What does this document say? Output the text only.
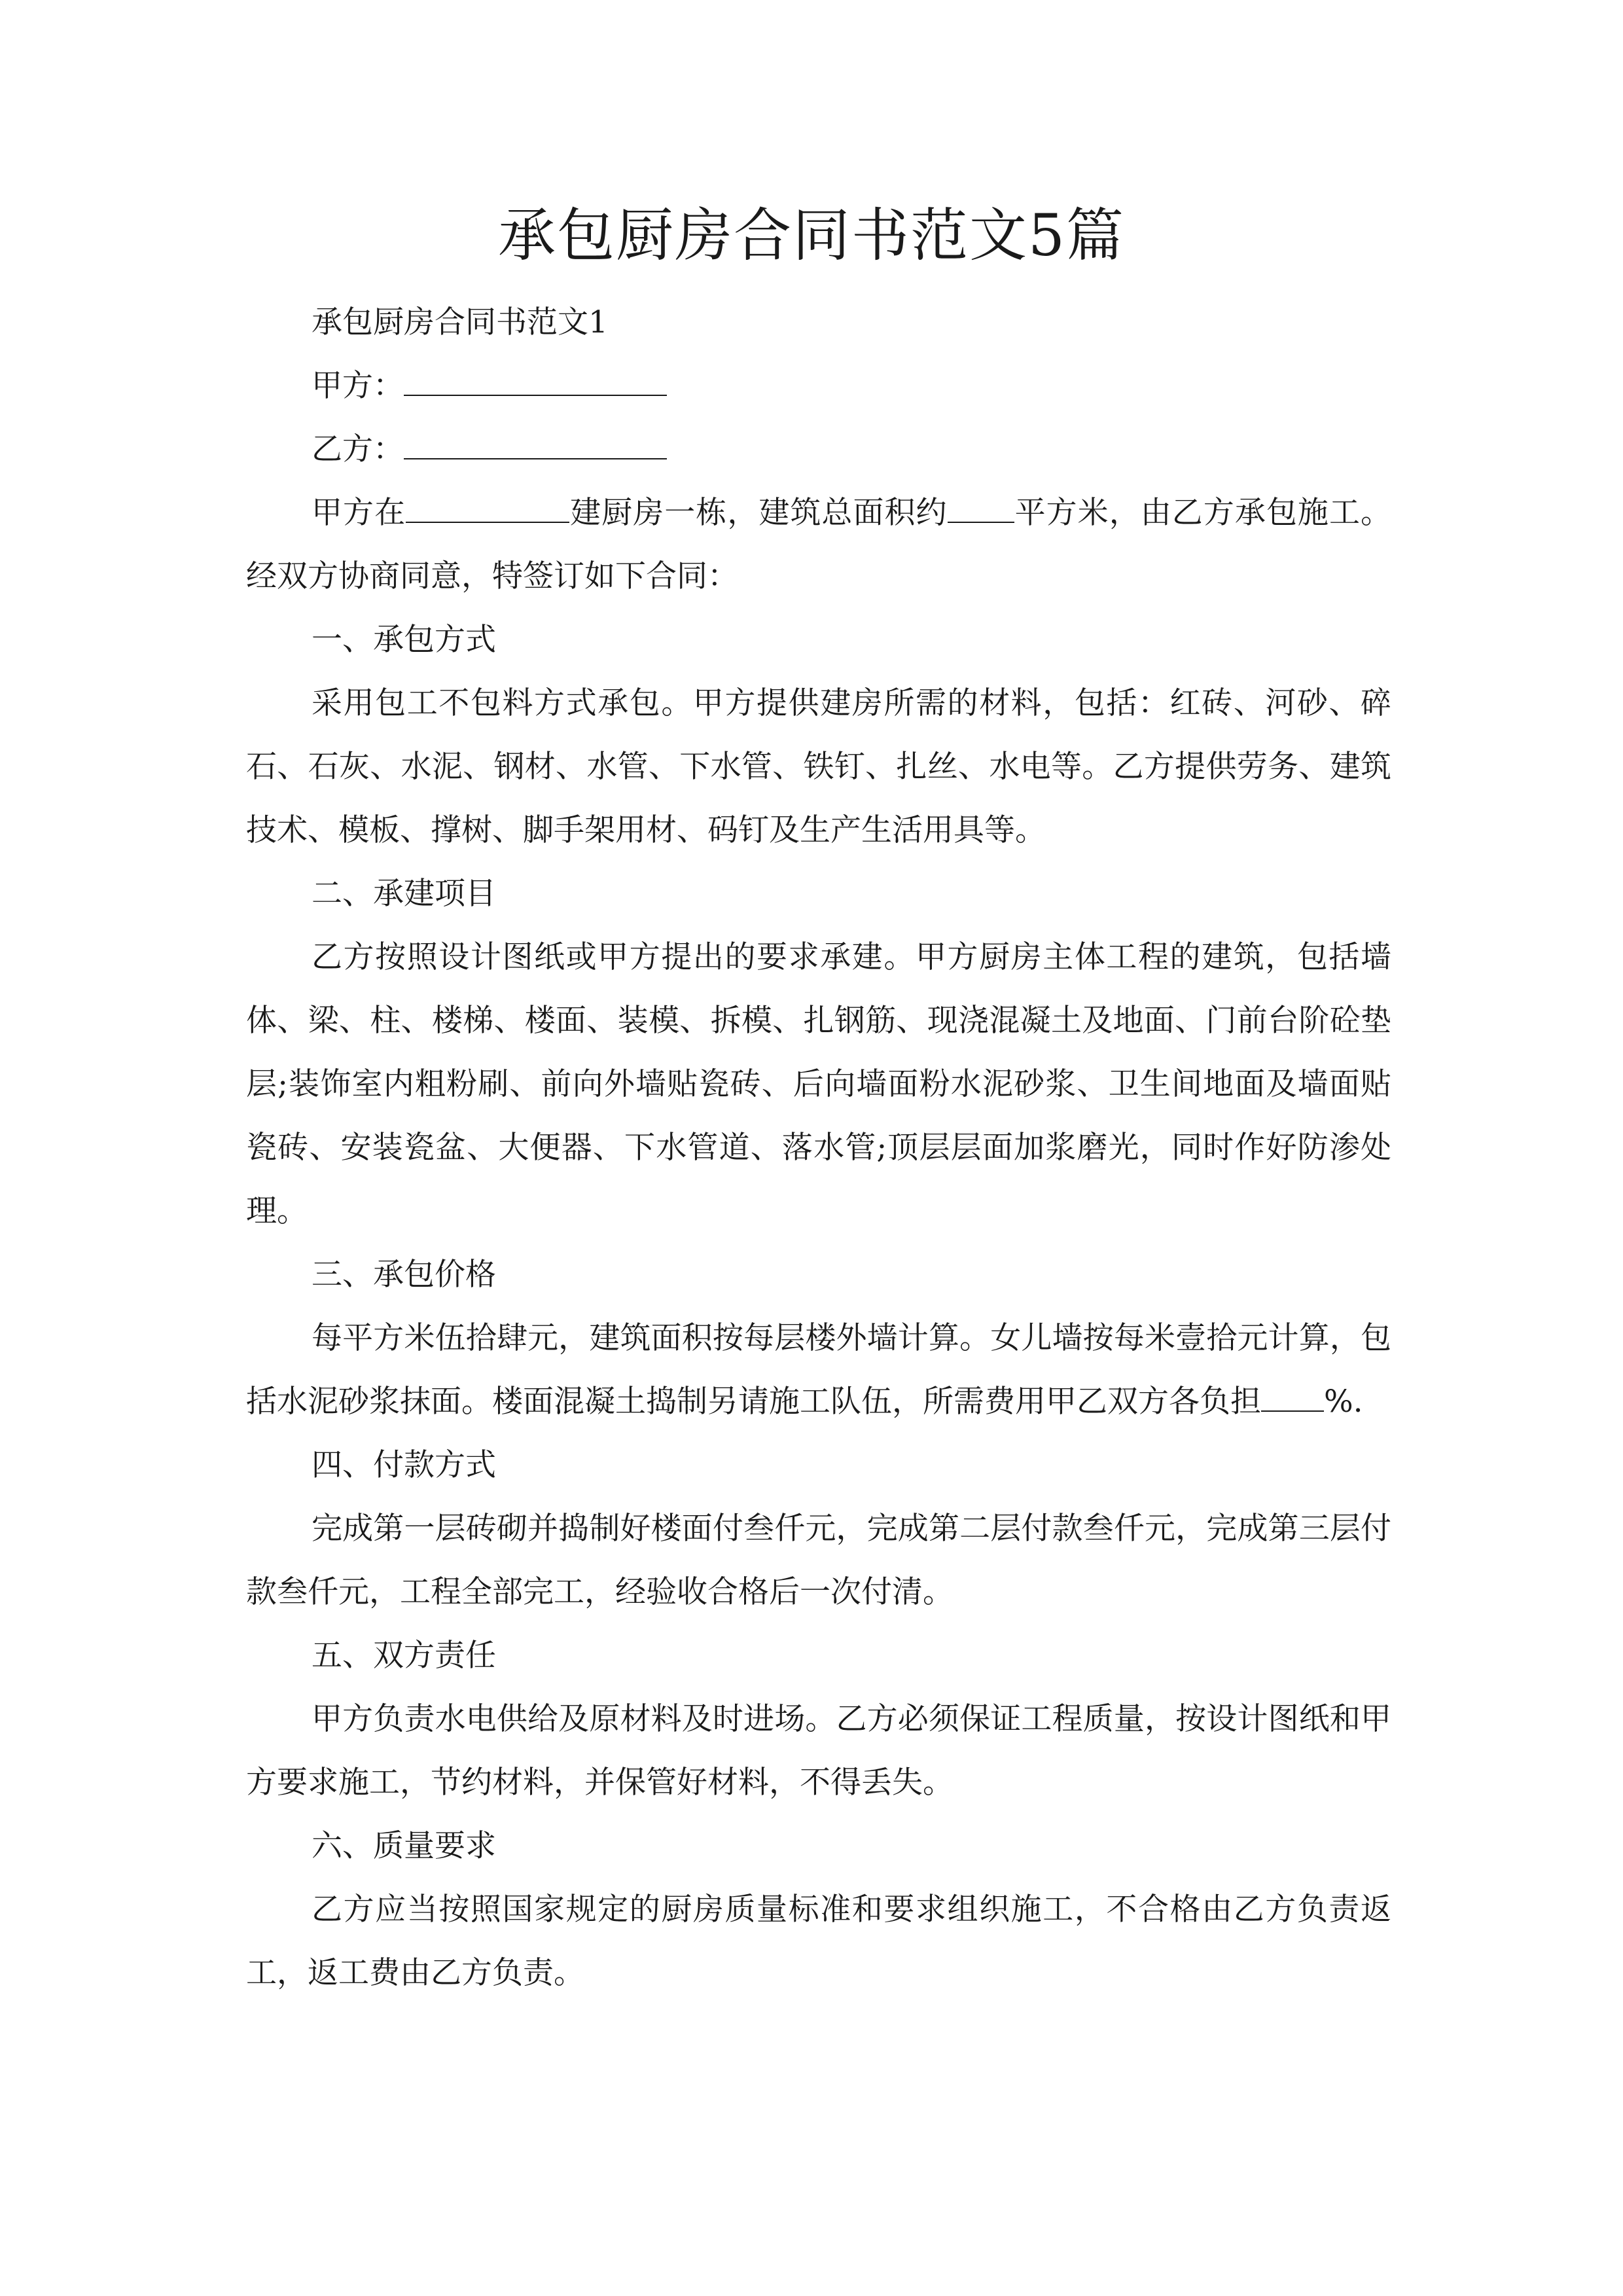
承包厨房合同书范文5篇

承包厨房合同书范文1

甲方：

乙方：

甲方在	建厨房一栋，建筑总面积约 平方米，由乙方承包施工。经双方协商同意，特签订如下合同：

一、承包方式

采用包工不包料方式承包。甲方提供建房所需的材料，包括：红砖、河砂、碎石、石灰、水泥、钢材、水管、下水管、铁钉、扎丝、水电等。乙方提供劳务、建筑技术、模板、撑树、脚手架用材、码钉及生产生活用具等。

二、承建项目

乙方按照设计图纸或甲方提出的要求承建。甲方厨房主体工程的建筑，包括墙体、梁、柱、楼梯、楼面、装模、拆模、扎钢筋、现浇混凝土及地面、门前台阶砼垫层;装饰室内粗粉刷、前向外墙贴瓷砖、后向墙面粉水泥砂浆、卫生间地面及墙面贴瓷砖、安装瓷盆、大便器、下水管道、落水管;顶层层面加浆磨光，同时作好防渗处理。

三、承包价格

每平方米伍拾肆元，建筑面积按每层楼外墙计算。女儿墙按每米壹拾元计算，包括水泥砂浆抹面。楼面混凝土捣制另请施工队伍，所需费用甲乙双方各负担 %.

四、付款方式

完成第一层砖砌并捣制好楼面付叁仟元，完成第二层付款叁仟元，完成第三层付款叁仟元，工程全部完工，经验收合格后一次付清。

五、双方责任

甲方负责水电供给及原材料及时进场。乙方必须保证工程质量，按设计图纸和甲方要求施工，节约材料，并保管好材料，不得丢失。

六、质量要求

乙方应当按照国家规定的厨房质量标准和要求组织施工，不合格由乙方负责返工，返工费由乙方负责。
